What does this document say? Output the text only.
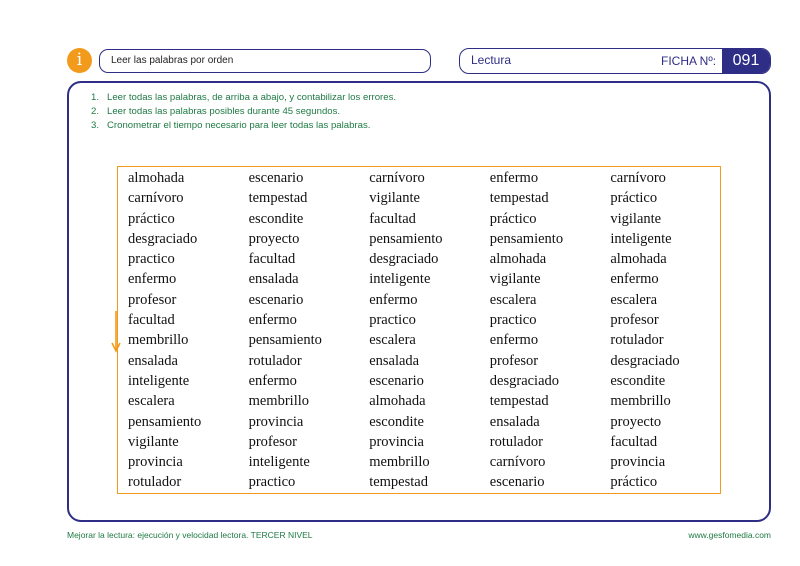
i	Leer las palabras por orden	Lectura	FICHA Nº:	091
1. Leer todas las palabras, de arriba a abajo, y contabilizar los errores.
2. Leer todas las palabras posibles durante 45 segundos.
3. Cronometrar el tiempo necesario para leer todas las palabras.
almohada	escenario	carnívoro	enfermo	carnívoro
carnívoro	tempestad	vigilante	tempestad	práctico
práctico	escondite	facultad	práctico	vigilante
desgraciado	proyecto	pensamiento	pensamiento	inteligente
practico	facultad	desgraciado	almohada	almohada
enfermo	ensalada	inteligente	vigilante	enfermo
profesor	escenario	enfermo	escalera	escalera
facultad	enfermo	practico	practico	profesor
membrillo	pensamiento	escalera	enfermo	rotulador
ensalada	rotulador	ensalada	profesor	desgraciado
inteligente	enfermo	escenario	desgraciado	escondite
escalera	membrillo	almohada	tempestad	membrillo
pensamiento	provincia	escondite	ensalada	proyecto
vigilante	profesor	provincia	rotulador	facultad
provincia	inteligente	membrillo	carnívoro	provincia
rotulador	practico	tempestad	escenario	práctico
Mejorar la lectura: ejecución y velocidad lectora. TERCER NIVEL	www.gesfomedia.com
